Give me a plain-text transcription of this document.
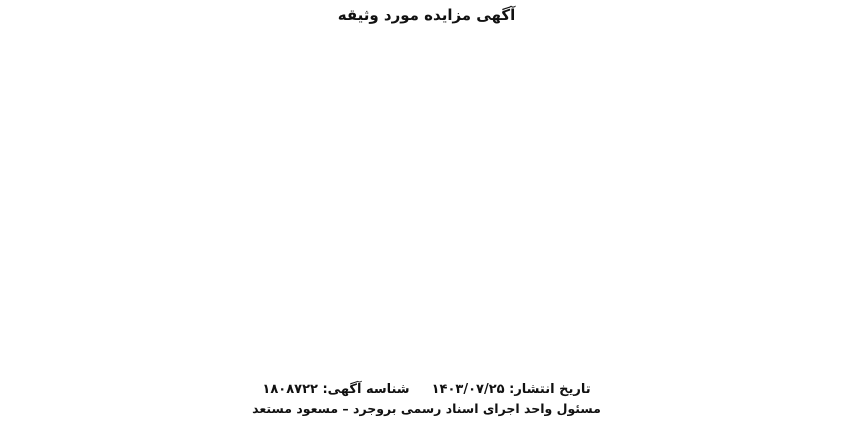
آگهی مزایده مورد وثیقه
تاریخ انتشار: ۱۴۰۳/۰۷/۲۵
شناسه آگهی: ۱۸۰۸۷۲۲
مسئول واحد اجرای اسناد رسمی بروجرد – مسعود مستعد
